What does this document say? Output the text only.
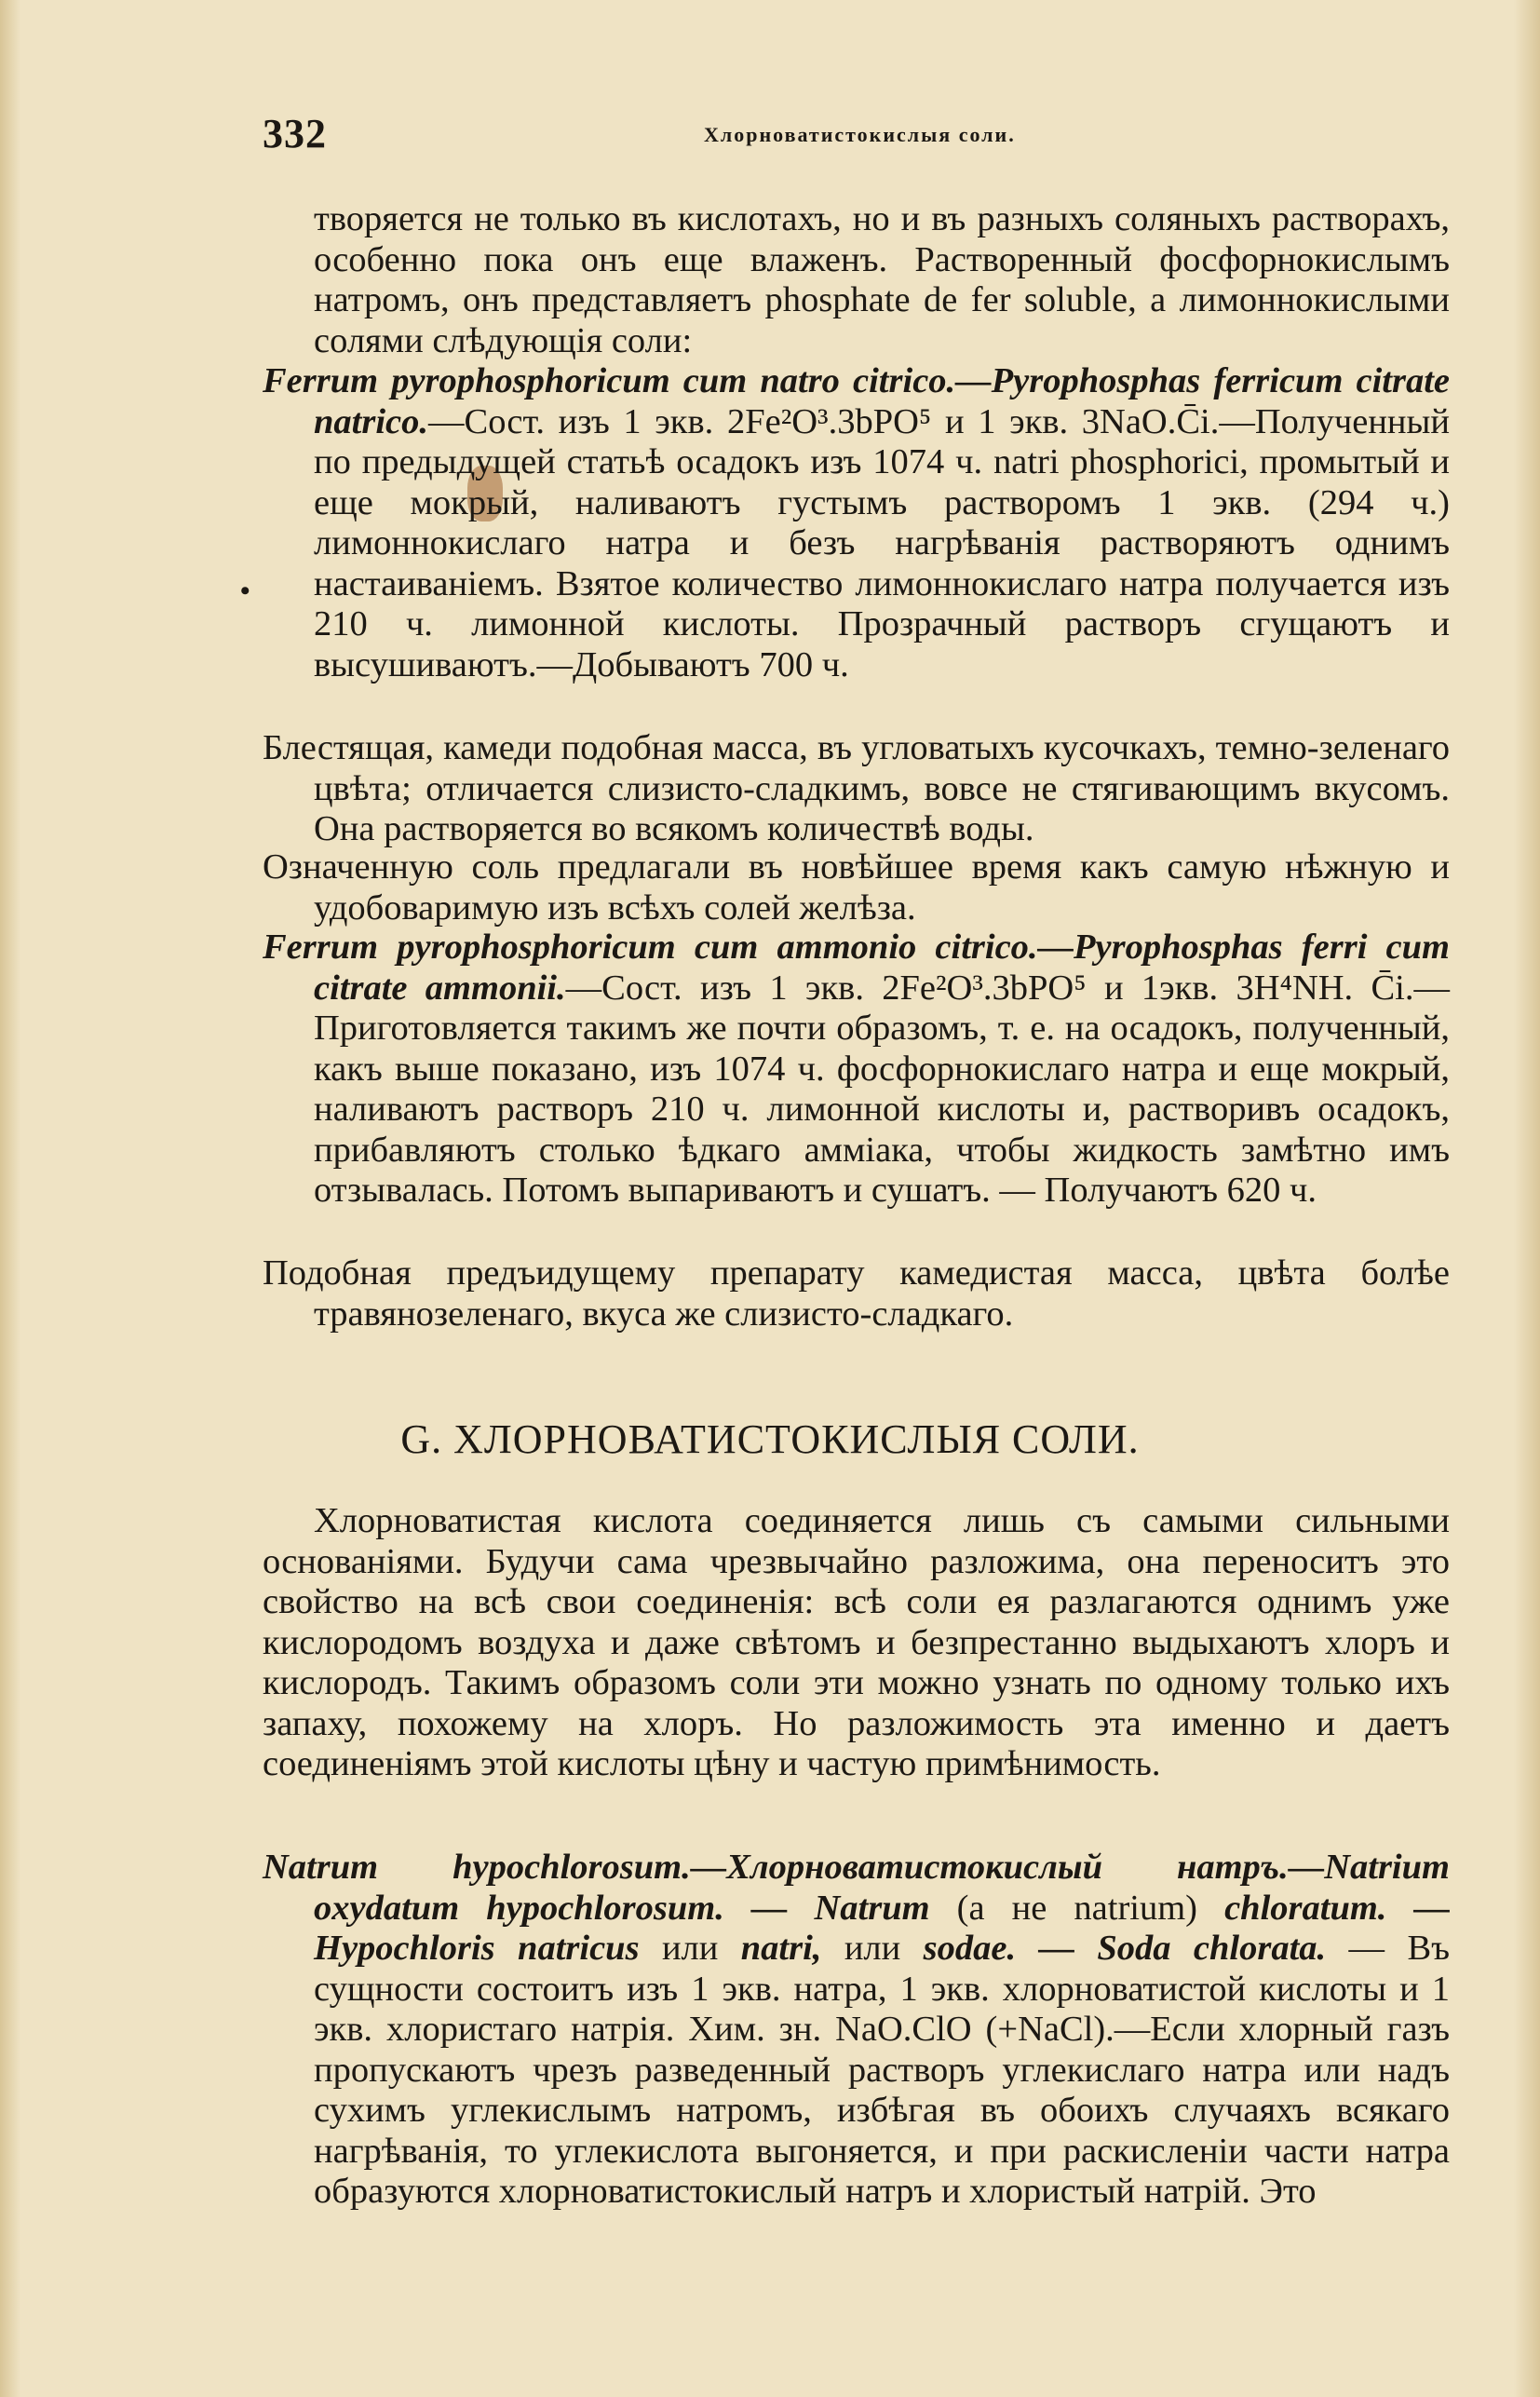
332	Хлорноватистокислыя соли.
•
творяется не только въ кислотахъ, но и въ разныхъ соляныхъ растворахъ, особенно пока онъ еще влаженъ. Растворенный фосфорнокислымъ натромъ, онъ представляетъ phosphate de fer soluble, а лимоннокислыми солями слѣдующія соли:
Ferrum pyrophosphoricum cum natro citrico.—Pyrophosphas ferricum citrate natrico.—Сост. изъ 1 экв. 2Fe²O³.3bPO⁵ и 1 экв. 3NaO.C̄i.—Полученный по предыдущей статьѣ осадокъ изъ 1074 ч. natri phosphorici, промытый и еще мокрый, наливаютъ густымъ растворомъ 1 экв. (294 ч.) лимоннокислаго натра и безъ нагрѣванія растворяютъ однимъ настаиваніемъ. Взятое количество лимоннокислаго натра получается изъ 210 ч. лимонной кислоты. Прозрачный растворъ сгущаютъ и высушиваютъ.—Добываютъ 700 ч.
Блестящая, камеди подобная масса, въ угловатыхъ кусочкахъ, темно-зеленаго цвѣта; отличается слизисто-сладкимъ, вовсе не стягивающимъ вкусомъ. Она растворяется во всякомъ количествѣ воды.
Означенную соль предлагали въ новѣйшее время какъ самую нѣжную и удобоваримую изъ всѣхъ солей желѣза.
Ferrum pyrophosphoricum cum ammonio citrico.—Pyrophosphas ferri cum citrate ammonii.—Сост. изъ 1 экв. 2Fe²O³.3bPO⁵ и 1экв. 3H⁴NH. C̄i.—Приготовляется такимъ же почти образомъ, т. е. на осадокъ, полученный, какъ выше показано, изъ 1074 ч. фосфорнокислаго натра и еще мокрый, наливаютъ растворъ 210 ч. лимонной кислоты и, растворивъ осадокъ, прибавляютъ столько ѣдкаго амміака, чтобы жидкость замѣтно имъ отзывалась. Потомъ выпариваютъ и сушатъ. — Получаютъ 620 ч.
Подобная предъидущему препарату камедистая масса, цвѣта болѣе травянозеленаго, вкуса же слизисто-сладкаго.
G. ХЛОРНОВАТИСТОКИСЛЫЯ СОЛИ.
Хлорноватистая кислота соединяется лишь съ самыми сильными основаніями. Будучи сама чрезвычайно разложима, она переноситъ это свойство на всѣ свои соединенія: всѣ соли ея разлагаются однимъ уже кислородомъ воздуха и даже свѣтомъ и безпрестанно выдыхаютъ хлоръ и кислородъ. Такимъ образомъ соли эти можно узнать по одному только ихъ запаху, похожему на хлоръ. Но разложимость эта именно и даетъ соединеніямъ этой кислоты цѣну и частую примѣнимость.
Natrum hypochlorosum.—Хлорноватистокислый натръ.—Natrium oxydatum hypochlorosum. — Natrum (а не natrium) chloratum. — Hypochloris natricus или natri, или sodae. — Soda chlorata. — Въ сущности состоитъ изъ 1 экв. натра, 1 экв. хлорноватистой кислоты и 1 экв. хлористаго натрія. Хим. зн. NaO.ClO (+NaCl).—Если хлорный газъ пропускаютъ чрезъ разведенный растворъ углекислаго натра или надъ сухимъ углекислымъ натромъ, избѣгая въ обоихъ случаяхъ всякаго нагрѣванія, то углекислота выгоняется, и при раскисленіи части натра образуются хлорноватистокислый натръ и хлористый натрій. Это
